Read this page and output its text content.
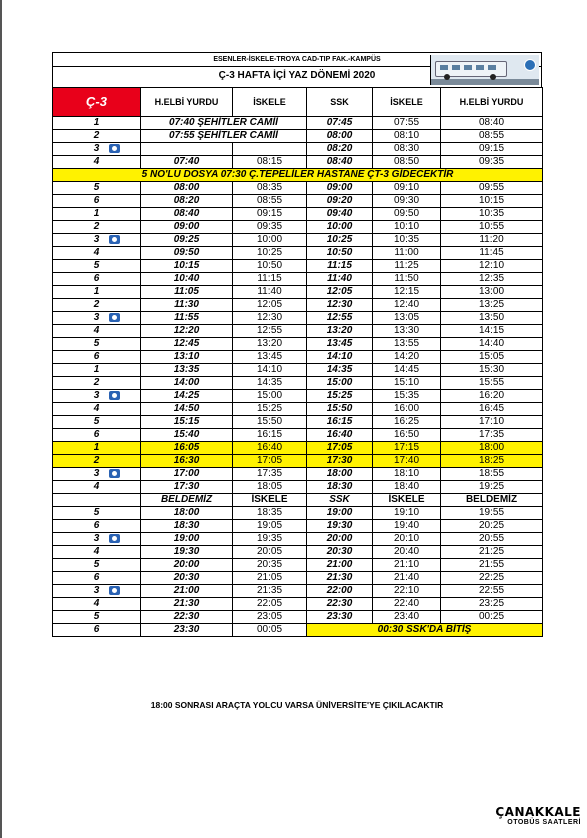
ESENLER-İSKELE-TROYA CAD-TIP FAK.-KAMPÜS
Ç-3 HAFTA İÇİ YAZ DÖNEMİ 2020
Ç-3	H.ELBİ YURDU	İSKELE	SSK	İSKELE	H.ELBİ YURDU
1	07:40 ŞEHİTLER CAMİİ		07:45	07:55	08:40
2	07:55 ŞEHİTLER CAMİİ		08:00	08:10	08:55
3			08:20	08:30	09:15
4	07:40	08:15	08:40	08:50	09:35
5 NO'LU DOSYA 07:30 Ç.TEPELİLER HASTANE ÇT-3 GİDECEKTİR					
5	08:00	08:35	09:00	09:10	09:55
6	08:20	08:55	09:20	09:30	10:15
1	08:40	09:15	09:40	09:50	10:35
2	09:00	09:35	10:00	10:10	10:55
3	09:25	10:00	10:25	10:35	11:20
4	09:50	10:25	10:50	11:00	11:45
5	10:15	10:50	11:15	11:25	12:10
6	10:40	11:15	11:40	11:50	12:35
1	11:05	11:40	12:05	12:15	13:00
2	11:30	12:05	12:30	12:40	13:25
3	11:55	12:30	12:55	13:05	13:50
4	12:20	12:55	13:20	13:30	14:15
5	12:45	13:20	13:45	13:55	14:40
6	13:10	13:45	14:10	14:20	15:05
1	13:35	14:10	14:35	14:45	15:30
2	14:00	14:35	15:00	15:10	15:55
3	14:25	15:00	15:25	15:35	16:20
4	14:50	15:25	15:50	16:00	16:45
5	15:15	15:50	16:15	16:25	17:10
6	15:40	16:15	16:40	16:50	17:35
1	16:05	16:40	17:05	17:15	18:00
2	16:30	17:05	17:30	17:40	18:25
3	17:00	17:35	18:00	18:10	18:55
4	17:30	18:05	18:30	18:40	19:25
	BELDEMİZ	İSKELE	SSK	İSKELE	BELDEMİZ
5	18:00	18:35	19:00	19:10	19:55
6	18:30	19:05	19:30	19:40	20:25
3	19:00	19:35	20:00	20:10	20:55
4	19:30	20:05	20:30	20:40	21:25
5	20:00	20:35	21:00	21:10	21:55
6	20:30	21:05	21:30	21:40	22:25
3	21:00	21:35	22:00	22:10	22:55
4	21:30	22:05	22:30	22:40	23:25
5	22:30	23:05	23:30	23:40	00:25
6	23:30	00:05	00:30 SSK'DA BİTİŞ		
18:00 SONRASI ARAÇTA YOLCU VARSA ÜNİVERSİTE'YE ÇIKILACAKTIR
ÇANAKKALE
OTOBÜS SAATLERİ
